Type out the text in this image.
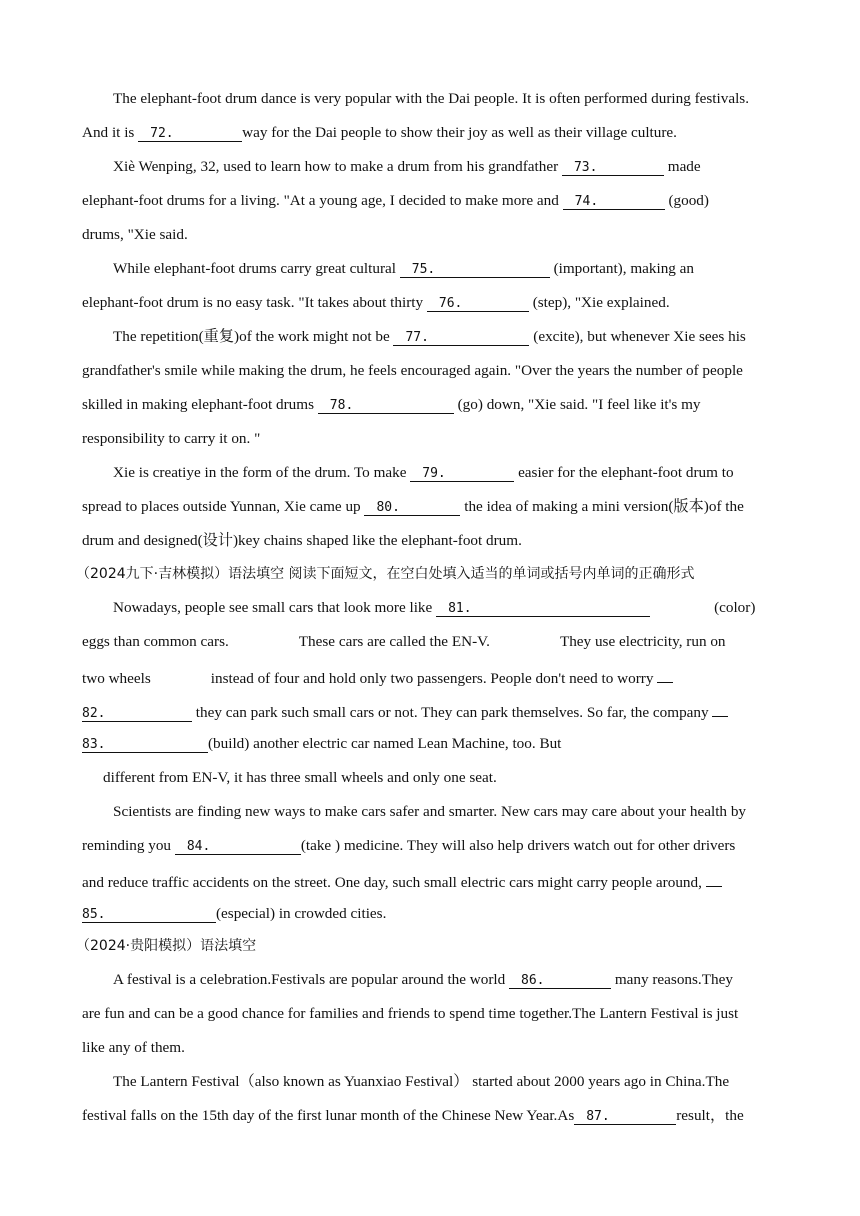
The elephant-foot drum dance is very popular with the Dai people. It is often performed during festivals.
And it is 72.	way for the Dai people to show their joy as well as their village culture.
Xiè Wenping, 32, used to learn how to make a drum from his grandfather 73.	made
elephant-foot drums for a living. "At a young age, I decided to make more and 74.	(good)
drums, "Xie said.
While elephant-foot drums carry great cultural 75.	(important), making an
elephant-foot drum is no easy task. "It takes about thirty 76.	(step), "Xie explained.
The repetition(重复)of the work might not be 77.	(excite), but whenever Xie sees his
grandfather's smile while making the drum, he feels encouraged again. "Over the years the number of people
skilled in making elephant-foot drums 78.	(go) down, "Xie said. "I feel like it's my
responsibility to carry it on. "
Xie is creatiye in the form of the drum. To make 79.	easier for the elephant-foot drum to
spread to places outside Yunnan, Xie came up 80.	the idea of making a mini version(版本)of the
drum and designed(设计)key chains shaped like the elephant-foot drum.
（2024九下·吉林模拟）语法填空 阅读下面短文，在空白处填入适当的单词或括号内单词的正确形式
Nowadays, people see small cars that look more like 81.	(color)
eggs than common cars.	These cars are called the EN-V.	They use electricity, run on
two wheels	instead of four and hold only two passengers. People don't need to worry
82.	they can park such small cars or not. They can park themselves. So far, the company
83.	(build) another electric car named Lean Machine, too. But
different from EN-V, it has three small wheels and only one seat.
Scientists are finding new ways to make cars safer and smarter. New cars may care about your health by
reminding you 84.	(take ) medicine. They will also help drivers watch out for other drivers
and reduce traffic accidents on the street. One day, such small electric cars might carry people around,
85.	(especial) in crowded cities.
（2024·贵阳模拟）语法填空
A festival is a celebration.Festivals are popular around the world 86.	many reasons.They
are fun and can be a good chance for families and friends to spend time together.The Lantern Festival is just
like any of them.
The Lantern Festival（also known as Yuanxiao Festival） started about 2000 years ago in China.The
festival falls on the 15th day of the first lunar month of the Chinese New Year.As 87.	result，the
